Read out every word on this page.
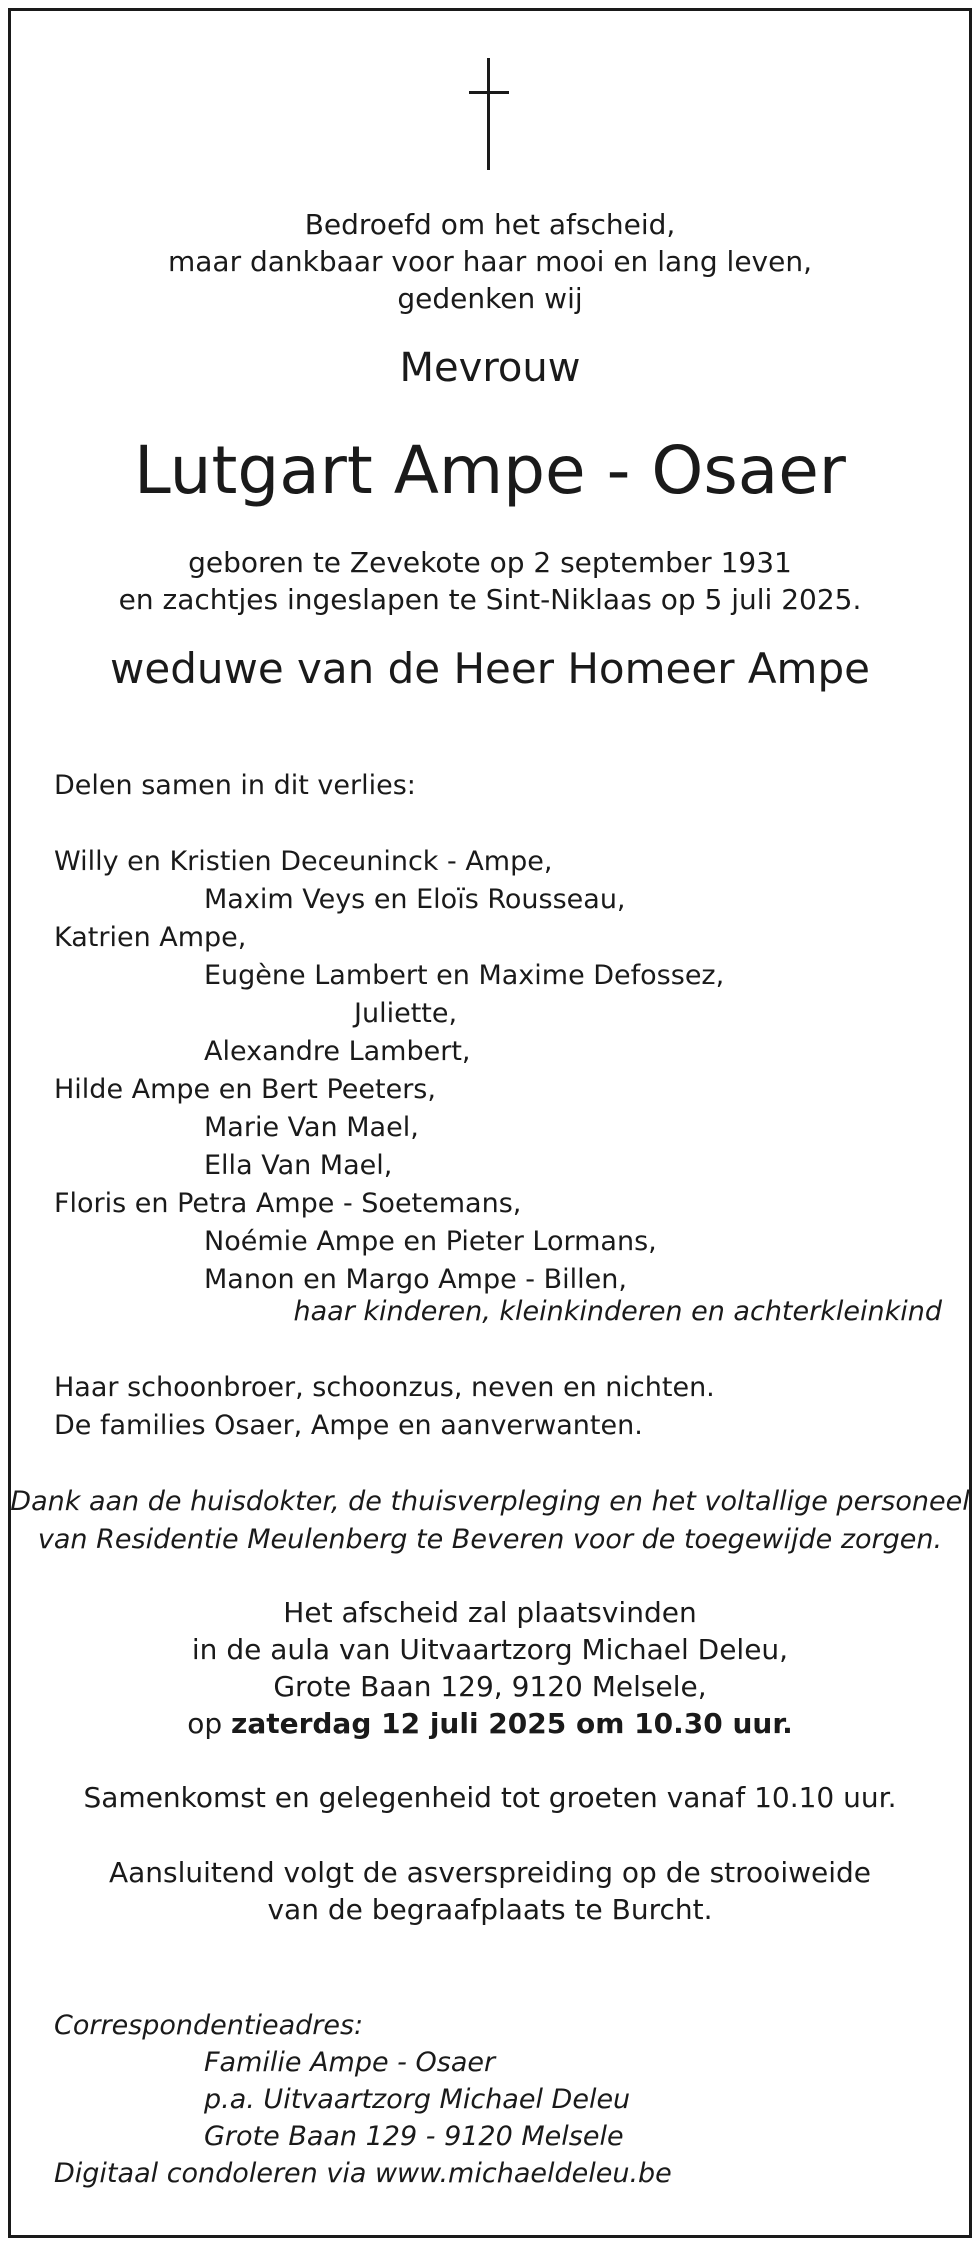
Bedroefd om het afscheid,
maar dankbaar voor haar mooi en lang leven,
gedenken wij
Mevrouw
Lutgart Ampe - Osaer
geboren te Zevekote op 2 september 1931
en zachtjes ingeslapen te Sint-Niklaas op 5 juli 2025.
weduwe van de Heer Homeer Ampe
Delen samen in dit verlies:
Willy en Kristien Deceuninck - Ampe,
Maxim Veys en Eloïs Rousseau,
Katrien Ampe,
Eugène Lambert en Maxime Defossez,
Juliette,
Alexandre Lambert,
Hilde Ampe en Bert Peeters,
Marie Van Mael,
Ella Van Mael,
Floris en Petra Ampe - Soetemans,
Noémie Ampe en Pieter Lormans,
Manon en Margo Ampe - Billen,
haar kinderen, kleinkinderen en achterkleinkind
Haar schoonbroer, schoonzus, neven en nichten.
De families Osaer, Ampe en aanverwanten.
Dank aan de huisdokter, de thuisverpleging en het voltallige personeel
van Residentie Meulenberg te Beveren voor de toegewijde zorgen.
Het afscheid zal plaatsvinden
in de aula van Uitvaartzorg Michael Deleu,
Grote Baan 129, 9120 Melsele,
op zaterdag 12 juli 2025 om 10.30 uur.
Samenkomst en gelegenheid tot groeten vanaf 10.10 uur.
Aansluitend volgt de asverspreiding op de strooiweide
van de begraafplaats te Burcht.
Correspondentieadres:
Familie Ampe - Osaer
p.a. Uitvaartzorg Michael Deleu
Grote Baan 129 - 9120 Melsele
Digitaal condoleren via www.michaeldeleu.be
